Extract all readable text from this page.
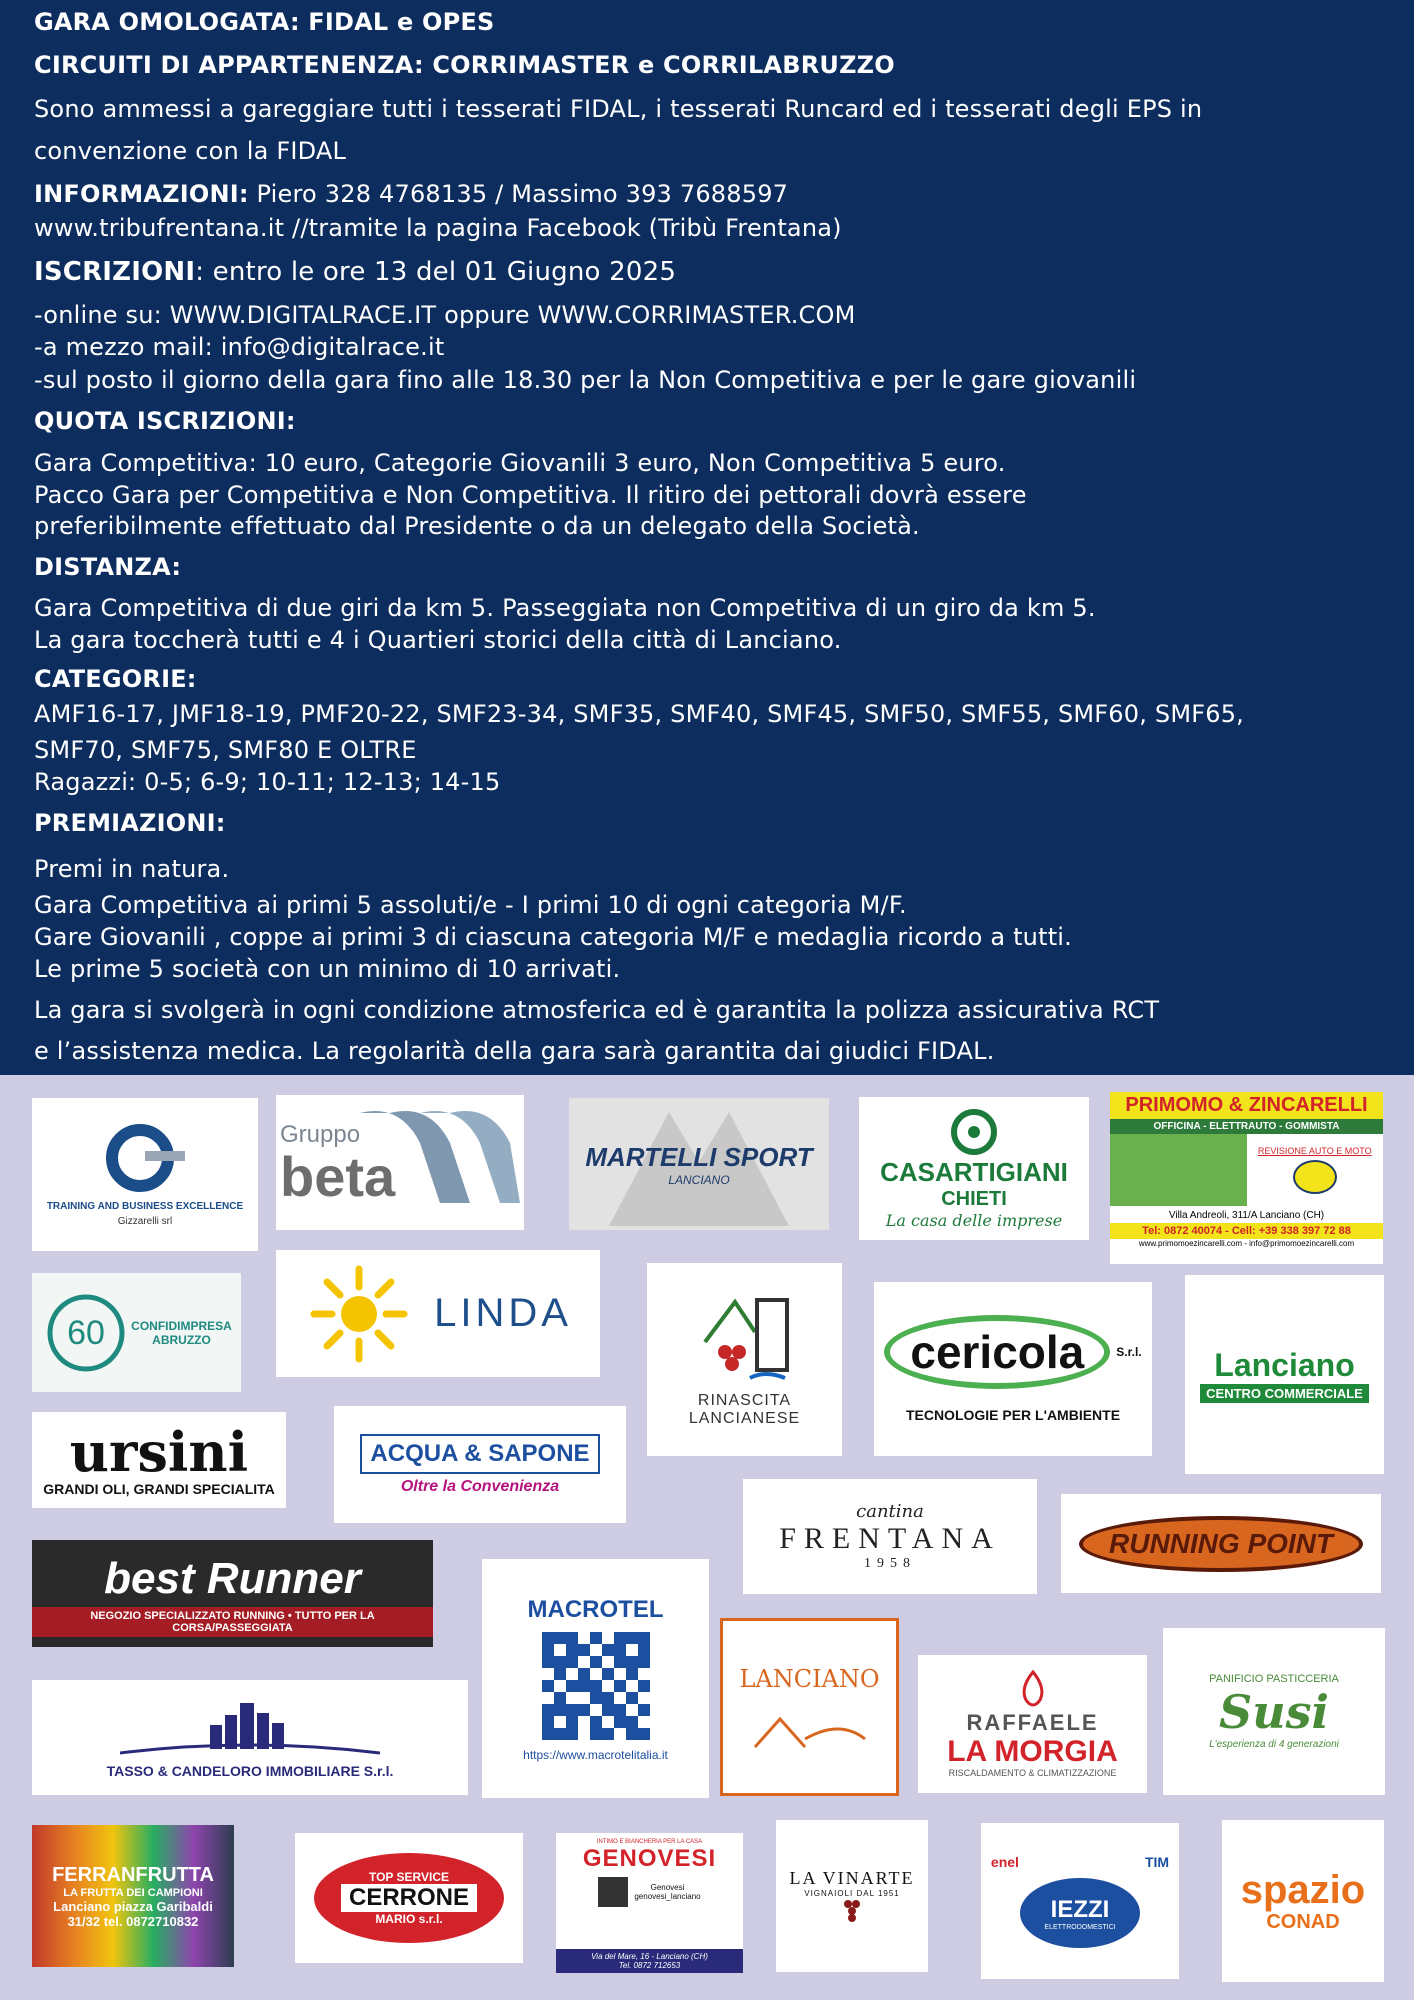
GARA OMOLOGATA: FIDAL e OPES
CIRCUITI DI APPARTENENZA: CORRIMASTER e CORRILABRUZZO
Sono ammessi a gareggiare tutti i tesserati FIDAL, i tesserati Runcard ed i tesserati degli EPS in
convenzione con la FIDAL
INFORMAZIONI: Piero 328 4768135 / Massimo 393 7688597
www.tribufrentana.it //tramite la pagina Facebook (Tribù Frentana)
ISCRIZIONI: entro le ore 13 del 01 Giugno 2025
-online su: WWW.DIGITALRACE.IT oppure WWW.CORRIMASTER.COM
-a mezzo mail: info@digitalrace.it
-sul posto il giorno della gara fino alle 18.30 per la Non Competitiva e per le gare giovanili
QUOTA ISCRIZIONI:
Gara Competitiva: 10 euro, Categorie Giovanili 3 euro, Non Competitiva 5 euro.
Pacco Gara per Competitiva e Non Competitiva. Il ritiro dei pettorali dovrà essere
preferibilmente effettuato dal Presidente o da un delegato della Società.
DISTANZA:
Gara Competitiva di due giri da km 5. Passeggiata non Competitiva di un giro da km 5.
La gara toccherà tutti e 4 i Quartieri storici della città di Lanciano.
CATEGORIE:
AMF16-17, JMF18-19, PMF20-22, SMF23-34, SMF35, SMF40, SMF45, SMF50, SMF55, SMF60, SMF65,
SMF70, SMF75, SMF80 E OLTRE
Ragazzi: 0-5; 6-9; 10-11; 12-13; 14-15
PREMIAZIONI:
Premi in natura.
Gara Competitiva ai primi 5 assoluti/e - I primi 10 di ogni categoria M/F.
Gare Giovanili , coppe ai primi 3 di ciascuna categoria M/F e medaglia ricordo a tutti.
Le prime 5 società con un minimo di 10 arrivati.
La gara si svolgerà in ogni condizione atmosferica ed è garantita la polizza assicurativa RCT
e l’assistenza medica. La regolarità della gara sarà garantita dai giudici FIDAL.
TRAINING AND BUSINESS EXCELLENCE
Gizzarelli srl
Gruppo
beta	MARTELLI SPORT
LANCIANO	CASARTIGIANI
CHIETI
La casa delle imprese
PRIMOMO & ZINCARELLI
OFFICINA - ELETTRAUTO - GOMMISTA
REVISIONE AUTO E MOTO
Villa Andreoli, 311/A Lanciano (CH)
Tel: 0872 40074 - Cell: +39 338 397 72 88
www.primomoezincarelli.com - info@primomoezincarelli.com
60 CONFIDIMPRESA
ABRUZZO
LINDA
RINASCITA
LANCIANESE
cericola	S.r.l.
TECNOLOGIE PER L'AMBIENTE
Lanciano
CENTRO COMMERCIALE
ursini
GRANDI OLI, GRANDI SPECIALITA
ACQUA & SAPONE
Oltre la Convenienza
cantina
FRENTANA
1958
RUNNING POINT
best Runner
NEGOZIO SPECIALIZZATO RUNNING • TUTTO PER LA CORSA/PASSEGGIATA
MACROTEL
https://www.macrotelitalia.it
LANCIANO
RAFFAELE
LA MORGIA
RISCALDAMENTO & CLIMATIZZAZIONE
PANIFICIO PASTICCERIA
Susi
L'esperienza di 4 generazioni
TASSO & CANDELORO IMMOBILIARE S.r.l.
FERRANFRUTTA
LA FRUTTA DEI CAMPIONI
Lanciano piazza Garibaldi
31/32 tel. 0872710832
TOP SERVICE
CERRONE
MARIO s.r.l.
INTIMO E BIANCHERIA PER LA CASA
GENOVESI
Genovesi
genovesi_lanciano
Via del Mare, 16 - Lanciano (CH)
Tel. 0872 712653
LA VINARTE
VIGNAIOLI DAL 1951
enel	TIM
IEZZI
ELETTRODOMESTICI
spazio
CONAD
